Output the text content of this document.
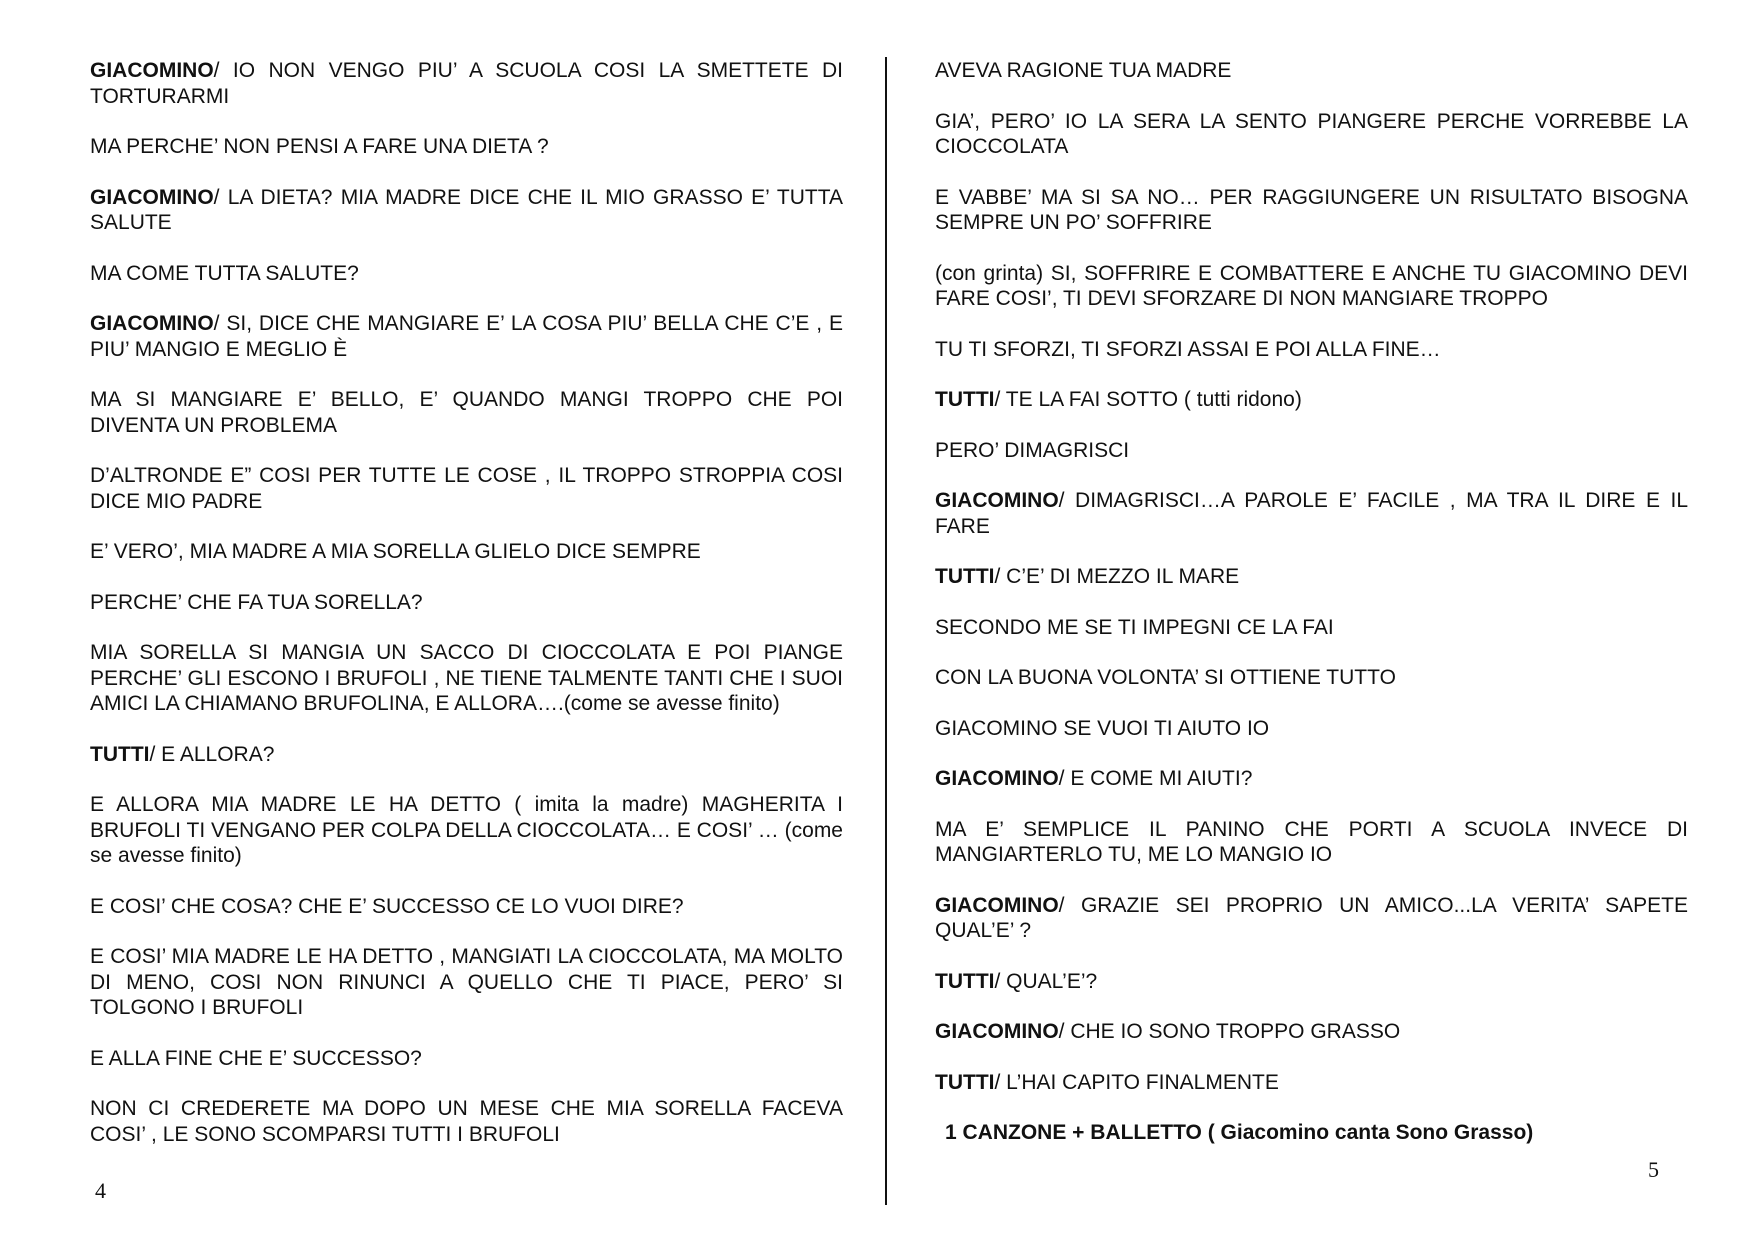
GIACOMINO/ IO NON VENGO PIU’ A SCUOLA COSI LA SMETTETE DI TORTURARMI

MA PERCHE’ NON PENSI A FARE UNA DIETA ?

GIACOMINO/ LA DIETA? MIA MADRE DICE CHE IL MIO GRASSO E’ TUTTA SALUTE

MA COME TUTTA SALUTE?

GIACOMINO/ SI, DICE CHE MANGIARE E’ LA COSA PIU’ BELLA CHE C’E , E PIU’ MANGIO E MEGLIO È

MA SI MANGIARE E’ BELLO, E’ QUANDO MANGI TROPPO CHE POI DIVENTA UN PROBLEMA

D’ALTRONDE E” COSI PER TUTTE LE COSE , IL TROPPO STROPPIA COSI DICE MIO PADRE

E’ VERO’, MIA MADRE A MIA SORELLA GLIELO DICE SEMPRE

PERCHE’ CHE FA TUA SORELLA?

MIA SORELLA SI MANGIA UN SACCO DI CIOCCOLATA E POI PIANGE PERCHE’ GLI ESCONO I BRUFOLI , NE TIENE TALMENTE TANTI CHE I SUOI AMICI LA CHIAMANO BRUFOLINA, E ALLORA….(come se avesse finito)

TUTTI/ E ALLORA?

E ALLORA MIA MADRE LE HA DETTO ( imita la madre) MAGHERITA I BRUFOLI TI VENGANO PER COLPA DELLA CIOCCOLATA… E COSI’ … (come se avesse finito)

E COSI’ CHE COSA? CHE E’ SUCCESSO CE LO VUOI DIRE?

E COSI’ MIA MADRE LE HA DETTO , MANGIATI LA CIOCCOLATA, MA MOLTO DI MENO, COSI NON RINUNCI A QUELLO CHE TI PIACE, PERO’ SI TOLGONO I BRUFOLI

E ALLA FINE CHE E’ SUCCESSO?

NON CI CREDERETE MA DOPO UN MESE CHE MIA SORELLA FACEVA COSI’ , LE SONO SCOMPARSI TUTTI I BRUFOLI

AVEVA RAGIONE TUA MADRE

GIA’, PERO’ IO LA SERA LA SENTO PIANGERE PERCHE VORREBBE LA CIOCCOLATA

E VABBE’ MA SI SA NO… PER RAGGIUNGERE UN RISULTATO BISOGNA SEMPRE UN PO’ SOFFRIRE

(con grinta) SI, SOFFRIRE E COMBATTERE E ANCHE TU GIACOMINO DEVI FARE COSI’, TI DEVI SFORZARE DI NON MANGIARE TROPPO

TU TI SFORZI, TI SFORZI ASSAI E POI ALLA FINE…

TUTTI/ TE LA FAI SOTTO ( tutti ridono)

PERO’ DIMAGRISCI

GIACOMINO/ DIMAGRISCI…A PAROLE E’ FACILE , MA TRA IL DIRE E IL FARE

TUTTI/ C’E’ DI MEZZO IL MARE

SECONDO ME SE TI IMPEGNI CE LA FAI

CON LA BUONA VOLONTA’ SI OTTIENE TUTTO

GIACOMINO SE VUOI TI AIUTO IO

GIACOMINO/ E COME MI AIUTI?

MA E’ SEMPLICE IL PANINO CHE PORTI A SCUOLA INVECE DI MANGIARTERLO TU, ME LO MANGIO IO

GIACOMINO/ GRAZIE SEI PROPRIO UN AMICO...LA VERITA’ SAPETE QUAL’E’ ?

TUTTI/ QUAL’E’?

GIACOMINO/ CHE IO SONO TROPPO GRASSO

TUTTI/ L’HAI CAPITO FINALMENTE

1 CANZONE + BALLETTO ( Giacomino canta Sono Grasso)

4
5
